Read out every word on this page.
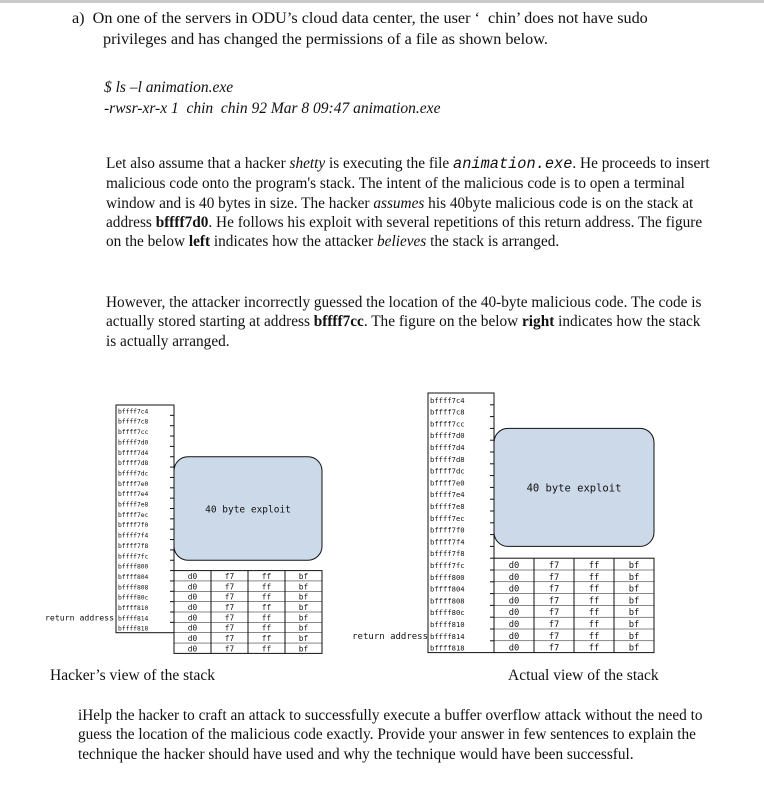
a) On one of the servers in ODU’s cloud data center, the user ‘ chin’ does not have sudo

privileges and has changed the permissions of a file as shown below.

$ ls –l animation.exe

-rwsr-xr-x 1  chin  chin 92 Mar 8 09:47 animation.exe

Let also assume that a hacker shetty is executing the file animation.exe. He proceeds to insert malicious code onto the program's stack. The intent of the malicious code is to open a terminal window and is 40 bytes in size. The hacker assumes his 40byte malicious code is on the stack at address bffff7d0. He follows his exploit with several repetitions of this return address. The figure on the below left indicates how the attacker believes the stack is arranged.

However, the attacker incorrectly guessed the location of the 40-byte malicious code. The code is actually stored starting at address bffff7cc. The figure on the below right indicates how the stack is actually arranged.

bffff7c4
bffff7c8
bffff7cc
bffff7d0
bffff7d4
bffff7d8
bffff7dc
bffff7e0
bffff7e4
bffff7e8
bffff7ec
bffff7f0
bffff7f4
bffff7f8
bffff7fc
bffff800
bffff804
bffff808
bffff80c
bffff810
bffff814
bffff818
40 byte exploit
d0	f7	ff	bf
d0	f7	ff	bf
d0	f7	ff	bf
d0	f7	ff	bf
d0	f7	ff	bf
d0	f7	ff	bf
d0	f7	ff	bf
d0	f7	ff	bf
return address
bffff7c4
bffff7c8
bffff7cc
bffff7d0
bffff7d4
bffff7d8
bffff7dc
bffff7e0
bffff7e4
bffff7e8
bffff7ec
bffff7f0
bffff7f4
bffff7f8
bffff7fc
bffff800
bffff804
bffff808
bffff80c
bffff810
bffff814
bffff818
40 byte exploit
d0	f7	ff	bf
d0	f7	ff	bf
d0	f7	ff	bf
d0	f7	ff	bf
d0	f7	ff	bf
d0	f7	ff	bf
d0	f7	ff	bf
d0	f7	ff	bf
return address
Hacker’s view of the stack	Actual view of the stack

iHelp the hacker to craft an attack to successfully execute a buffer overflow attack without the need to guess the location of the malicious code exactly. Provide your answer in few sentences to explain the technique the hacker should have used and why the technique would have been successful.
